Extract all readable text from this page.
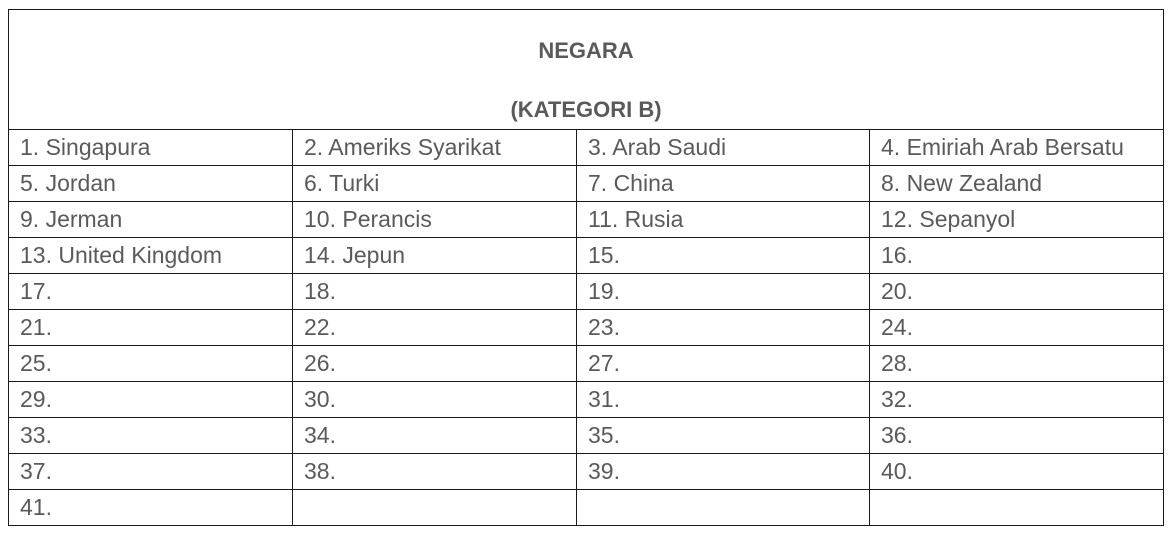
NEGARA
(KATEGORI B)			

1. Singapura	2. Ameriks Syarikat	3. Arab Saudi	4. Emiriah Arab Bersatu
5. Jordan	6. Turki	7. China	8. New Zealand
9. Jerman	10. Perancis	11. Rusia	12. Sepanyol
13. United Kingdom	14. Jepun	15.	16.
17.	18.	19.	20.
21.	22.	23.	24.
25.	26.	27.	28.
29.	30.	31.	32.
33.	34.	35.	36.
37.	38.	39.	40.
41.			
